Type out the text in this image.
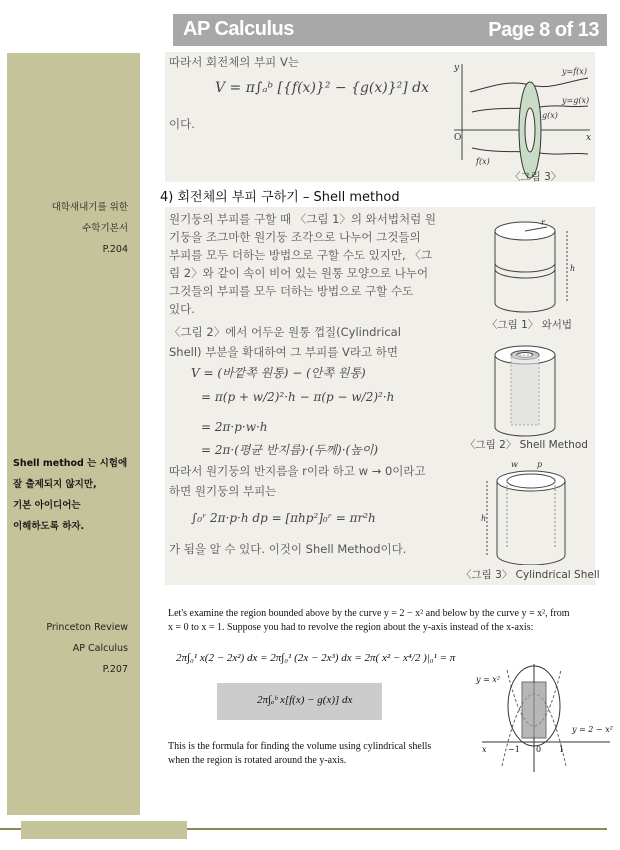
AP Calculus	Page 8 of 13
대학새내기를 위한
수학기본서
P.204
Shell method 는 시험에
잘 출제되지 않지만,
기본 아이디어는
이해하도록 하자.
Princeton Review
AP Calculus
P.207
따라서 회전체의 부피 V는
V = π∫ₐᵇ [{f(x)}² − {g(x)}²] dx
이다.
y
x
O
y=f(x)
y=g(x)
f(x)
g(x)
〈그림 3〉
4) 회전체의 부피 구하기 – Shell method
원기둥의 부피를 구할 때 〈그림 1〉의 와서법처럼 원
기둥을 조그마한 원기둥 조각으로 나누어 그것들의
부피를 모두 더하는 방법으로 구할 수도 있지만, 〈그
림 2〉와 같이 속이 비어 있는 원통 모양으로 나누어
그것들의 부피를 모두 더하는 방법으로 구할 수도
있다.
〈그림 2〉에서 어두운 원통 껍질(Cylindrical
Shell) 부분을 확대하여 그 부피를 V라고 하면
V = (바깥쪽 원통) − (안쪽 원통)
= π(p + w/2)²·h − π(p − w/2)²·h
= 2π·p·w·h
= 2π·(평균 반지름)·(두께)·(높이)
따라서 원기둥의 반지름을 r이라 하고 w → 0이라고
하면 원기둥의 부피는
∫₀ʳ 2π·p·h dp = [πhp²]₀ʳ = πr²h
가 됨을 알 수 있다. 이것이 Shell Method이다.
r
h
〈그림 1〉 와서법
〈그림 2〉 Shell Method
w p
h
〈그림 3〉 Cylindrical Shell
Let's examine the region bounded above by the curve y = 2 − x² and below by the curve y = x², from
x = 0 to x = 1. Suppose you had to revolve the region about the y-axis instead of the x-axis:
2π∫₀¹ x(2 − 2x²) dx = 2π∫₀¹ (2x − 2x³) dx = 2π( x² − x⁴/2 )|₀¹ = π
2π∫ₐᵇ x[f(x) − g(x)] dx
This is the formula for finding the volume using cylindrical shells
when the region is rotated around the y-axis.
y = x²
y = 2 − x²
x	−1 0 1
